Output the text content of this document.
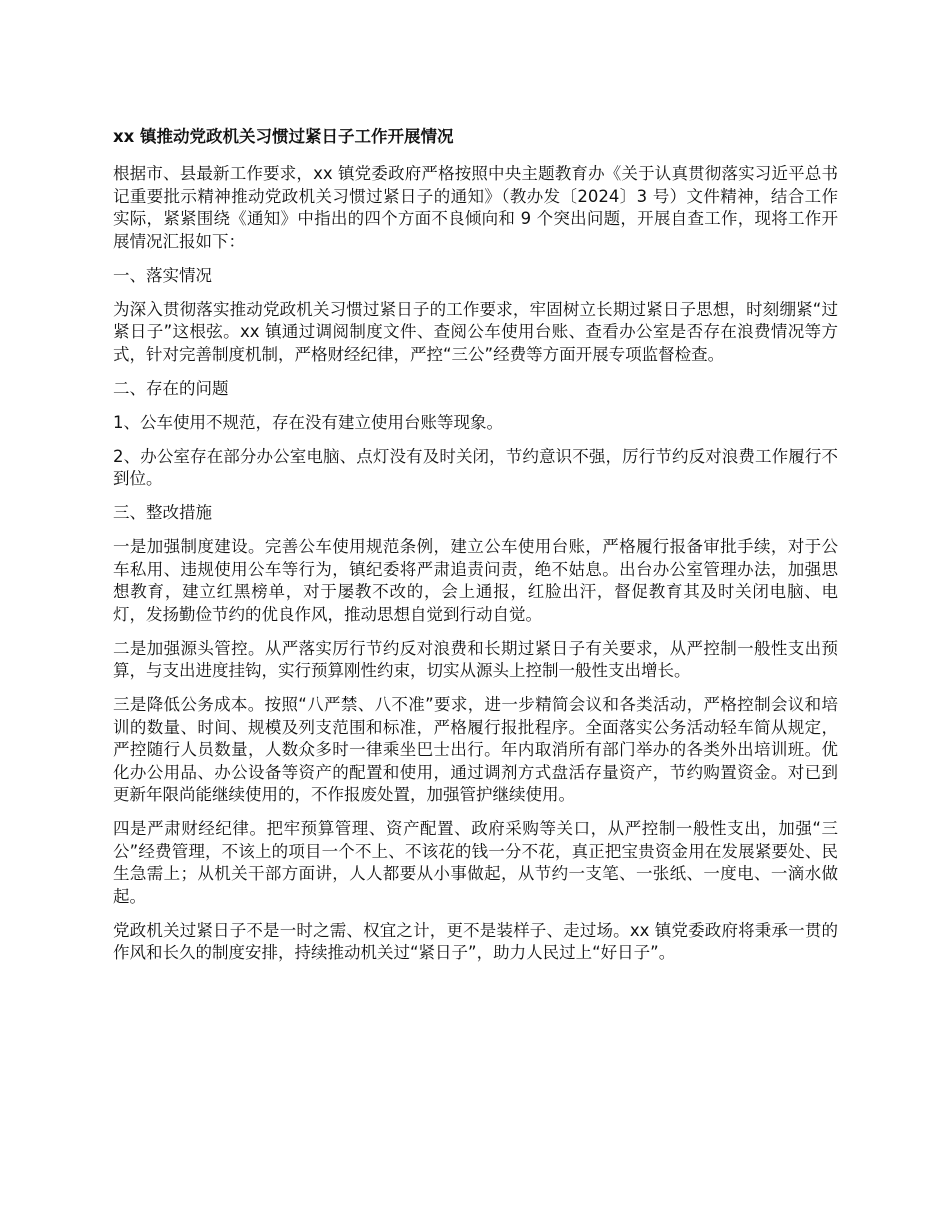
xx 镇推动党政机关习惯过紧日子工作开展情况

根据市、县最新工作要求，xx 镇党委政府严格按照中央主题教育办《关于认真贯彻落实习近平总书记重要批示精神推动党政机关习惯过紧日子的通知》（教办发〔2024〕3 号）文件精神，结合工作实际，紧紧围绕《通知》中指出的四个方面不良倾向和 9 个突出问题，开展自查工作，现将工作开展情况汇报如下：

一、落实情况

为深入贯彻落实推动党政机关习惯过紧日子的工作要求，牢固树立长期过紧日子思想，时刻绷紧“过紧日子”这根弦。xx 镇通过调阅制度文件、查阅公车使用台账、查看办公室是否存在浪费情况等方式，针对完善制度机制，严格财经纪律，严控“三公”经费等方面开展专项监督检查。

二、存在的问题

1、公车使用不规范，存在没有建立使用台账等现象。

2、办公室存在部分办公室电脑、点灯没有及时关闭，节约意识不强，厉行节约反对浪费工作履行不到位。

三、整改措施

一是加强制度建设。完善公车使用规范条例，建立公车使用台账，严格履行报备审批手续，对于公车私用、违规使用公车等行为，镇纪委将严肃追责问责，绝不姑息。出台办公室管理办法，加强思想教育，建立红黑榜单，对于屡教不改的，会上通报，红脸出汗，督促教育其及时关闭电脑、电灯，发扬勤俭节约的优良作风，推动思想自觉到行动自觉。

二是加强源头管控。从严落实厉行节约反对浪费和长期过紧日子有关要求，从严控制一般性支出预算，与支出进度挂钩，实行预算刚性约束，切实从源头上控制一般性支出增长。

三是降低公务成本。按照“八严禁、八不准”要求，进一步精简会议和各类活动，严格控制会议和培训的数量、时间、规模及列支范围和标准，严格履行报批程序。全面落实公务活动轻车简从规定，严控随行人员数量，人数众多时一律乘坐巴士出行。年内取消所有部门举办的各类外出培训班。优化办公用品、办公设备等资产的配置和使用，通过调剂方式盘活存量资产，节约购置资金。对已到更新年限尚能继续使用的，不作报废处置，加强管护继续使用。

四是严肃财经纪律。把牢预算管理、资产配置、政府采购等关口，从严控制一般性支出，加强“三公”经费管理，不该上的项目一个不上、不该花的钱一分不花，真正把宝贵资金用在发展紧要处、民生急需上；从机关干部方面讲，人人都要从小事做起，从节约一支笔、一张纸、一度电、一滴水做起。

党政机关过紧日子不是一时之需、权宜之计，更不是装样子、走过场。xx 镇党委政府将秉承一贯的作风和长久的制度安排，持续推动机关过“紧日子”，助力人民过上“好日子”。
